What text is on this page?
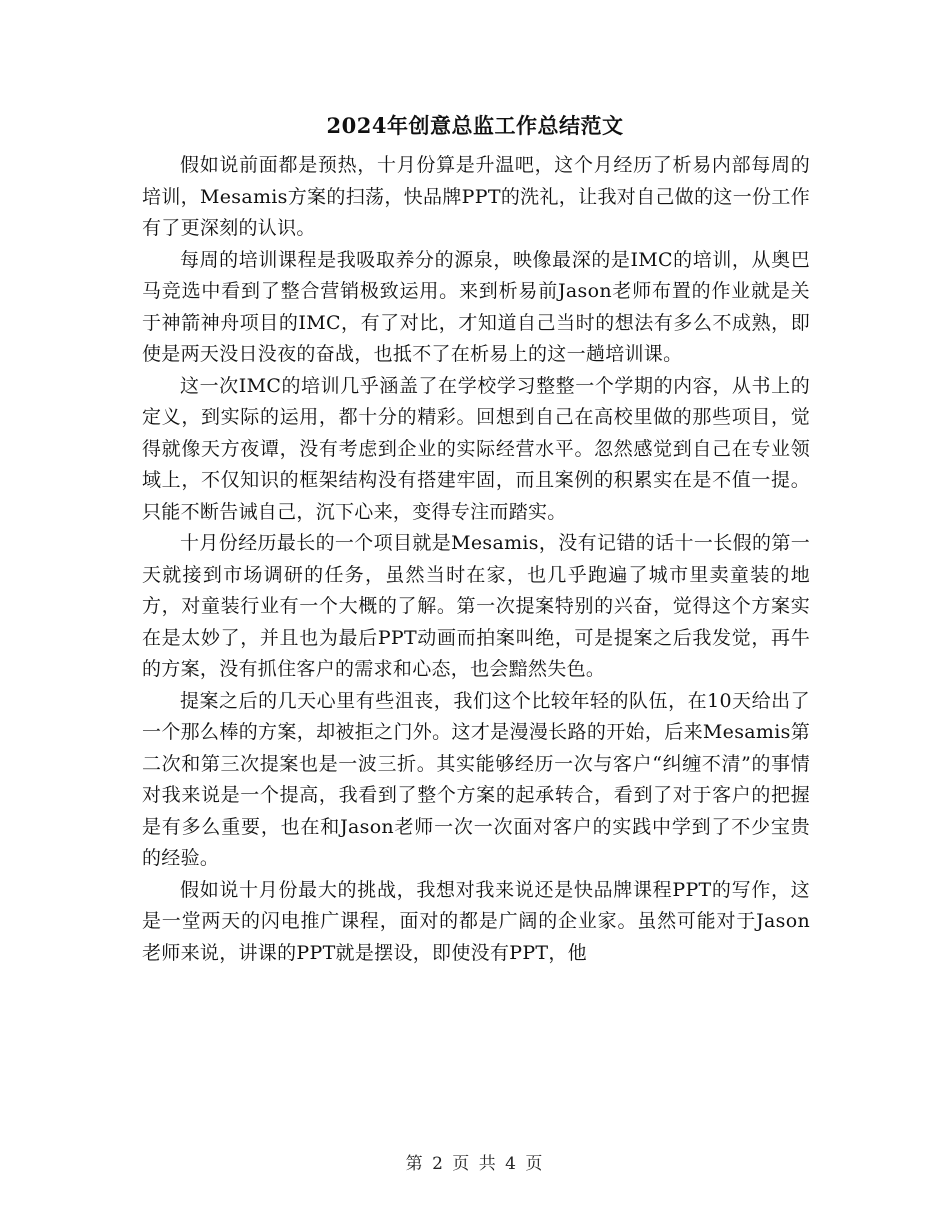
2024年创意总监工作总结范文

假如说前面都是预热，十月份算是升温吧，这个月经历了析易内部每周的培训，Mesamis方案的扫荡，快品牌PPT的洗礼，让我对自己做的这一份工作有了更深刻的认识。

每周的培训课程是我吸取养分的源泉，映像最深的是IMC的培训，从奥巴马竞选中看到了整合营销极致运用。来到析易前Jason老师布置的作业就是关于神箭神舟项目的IMC，有了对比，才知道自己当时的想法有多么不成熟，即使是两天没日没夜的奋战，也抵不了在析易上的这一趟培训课。

这一次IMC的培训几乎涵盖了在学校学习整整一个学期的内容，从书上的定义，到实际的运用，都十分的精彩。回想到自己在高校里做的那些项目，觉得就像天方夜谭，没有考虑到企业的实际经营水平。忽然感觉到自己在专业领域上，不仅知识的框架结构没有搭建牢固，而且案例的积累实在是不值一提。只能不断告诫自己，沉下心来，变得专注而踏实。

十月份经历最长的一个项目就是Mesamis，没有记错的话十一长假的第一天就接到市场调研的任务，虽然当时在家，也几乎跑遍了城市里卖童装的地方，对童装行业有一个大概的了解。第一次提案特别的兴奋，觉得这个方案实在是太妙了，并且也为最后PPT动画而拍案叫绝，可是提案之后我发觉，再牛的方案，没有抓住客户的需求和心态，也会黯然失色。

提案之后的几天心里有些沮丧，我们这个比较年轻的队伍，在10天给出了一个那么棒的方案，却被拒之门外。这才是漫漫长路的开始，后来Mesamis第二次和第三次提案也是一波三折。其实能够经历一次与客户“纠缠不清”的事情对我来说是一个提高，我看到了整个方案的起承转合，看到了对于客户的把握是有多么重要，也在和Jason老师一次一次面对客户的实践中学到了不少宝贵的经验。

假如说十月份最大的挑战，我想对我来说还是快品牌课程PPT的写作，这是一堂两天的闪电推广课程，面对的都是广阔的企业家。虽然可能对于Jason老师来说，讲课的PPT就是摆设，即使没有PPT，他

第 2 页 共 4 页
